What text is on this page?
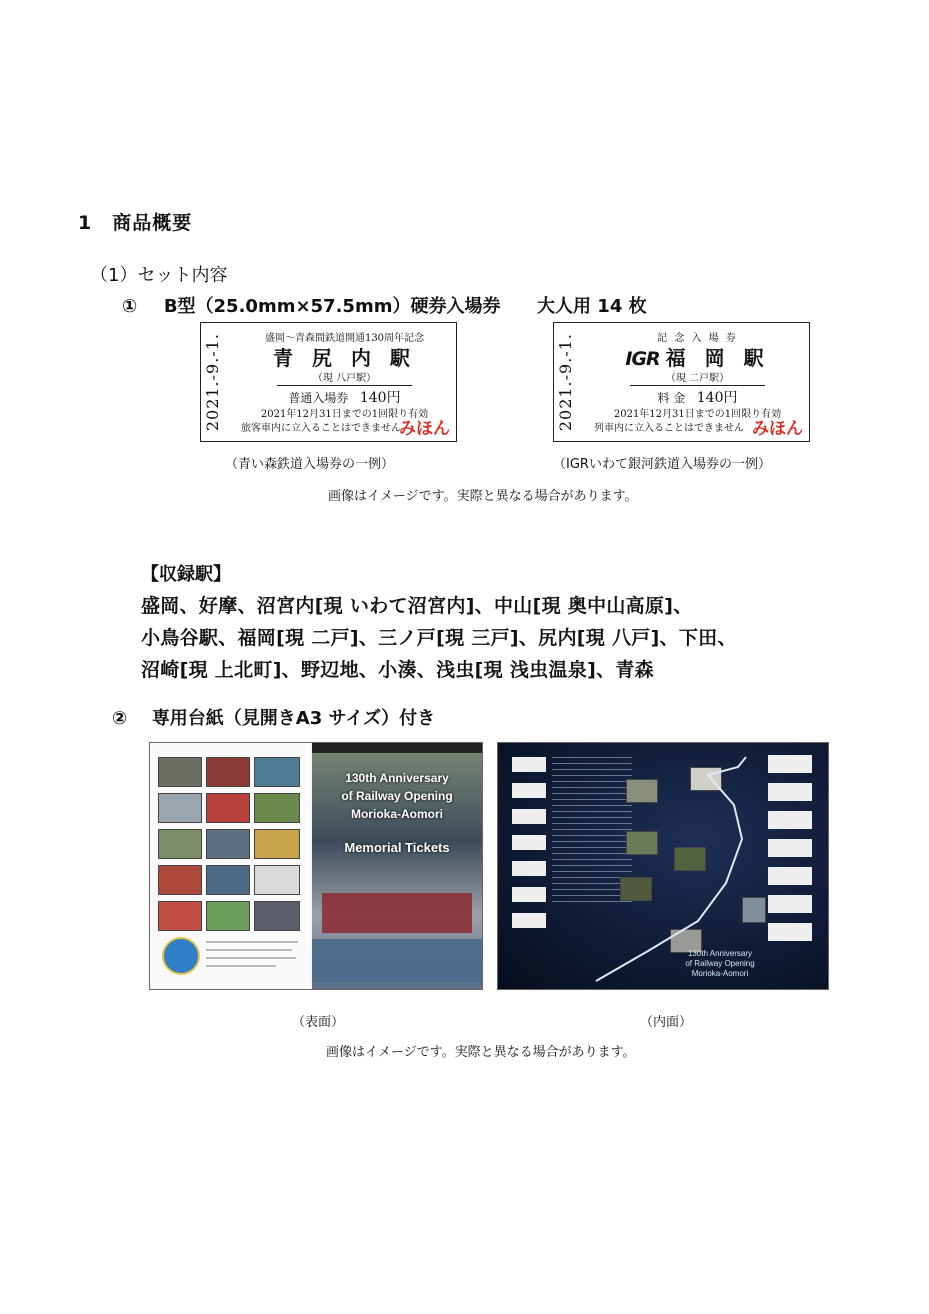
1　商品概要
（1）セット内容
① B型（25.0mm×57.5mm）硬券入場券 大人用 14 枚
2021.-9.-1.	盛岡～青森間鉄道開通130周年記念
青 尻 内 駅
（現 八戸駅）
普通入場券 140円
2021年12月31日までの1回限り有効
旅客車内に立入ることはできません
みほん
（青い森鉄道入場券の一例）
2021.-9.-1.	記 念 入 場 券
IGR 福 岡 駅
（現 二戸駅）
料 金 140円
2021年12月31日までの1回限り有効
列車内に立入ることはできません みほん
（IGRいわて銀河鉄道入場券の一例）
画像はイメージです。実際と異なる場合があります。
【収録駅】
盛岡、好摩、沼宮内[現 いわて沼宮内]、中山[現 奥中山高原]、
小鳥谷駅、福岡[現 二戸]、三ノ戸[現 三戸]、尻内[現 八戸]、下田、
沼崎[現 上北町]、野辺地、小湊、浅虫[現 浅虫温泉]、青森
② 専用台紙（見開きA3 サイズ）付き
130th Anniversary
of Railway Opening
Morioka-Aomori
Memorial Tickets
（表面）
130th Anniversary
of Railway Opening
Morioka-Aomori
（内面）
画像はイメージです。実際と異なる場合があります。
